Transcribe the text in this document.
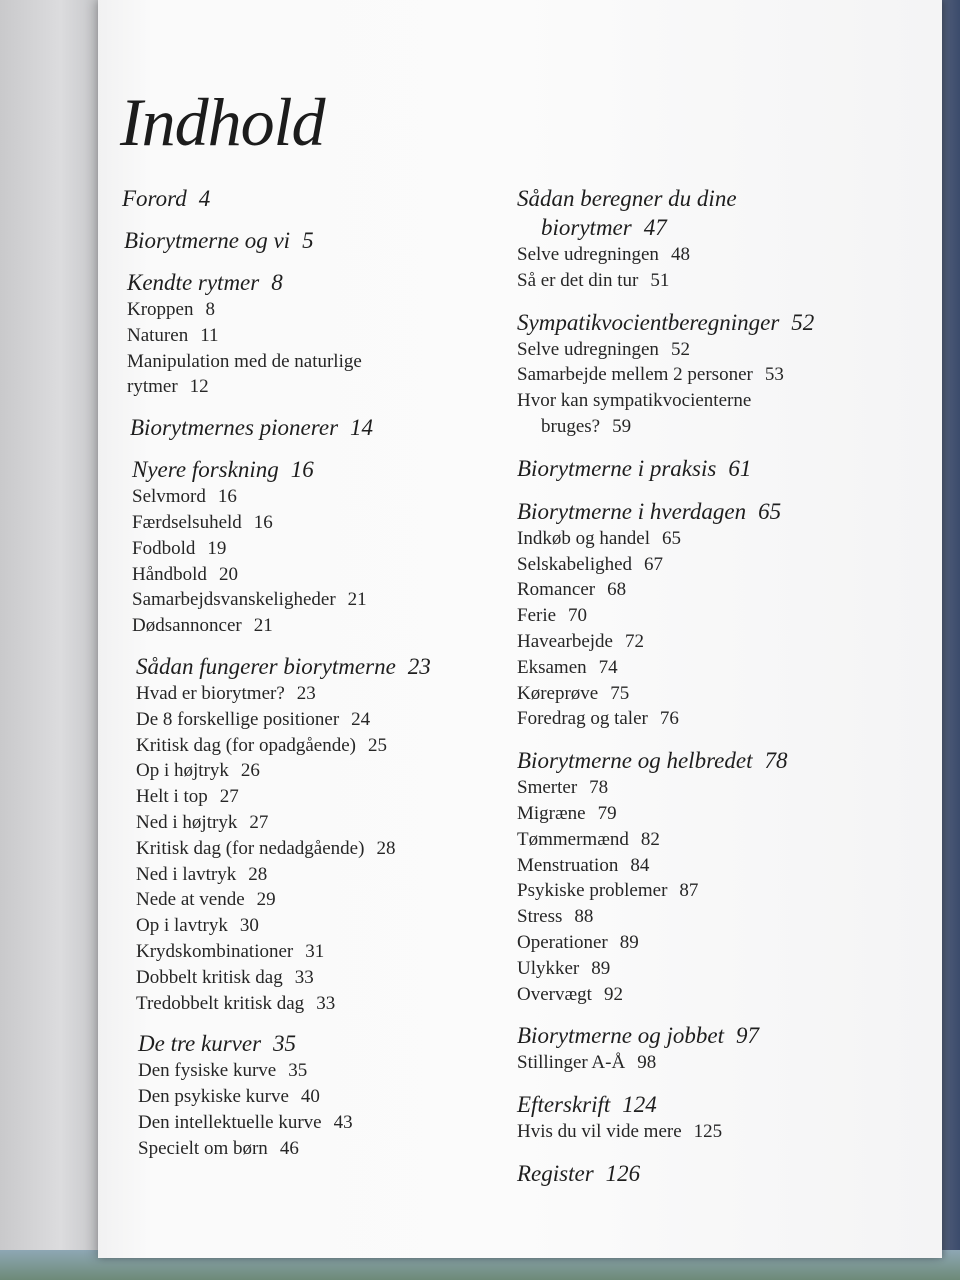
Indhold
Forord 4
Biorytmerne og vi 5
Kendte rytmer 8
Kroppen 8
Naturen 11
Manipulation med de naturlige
rytmer 12
Biorytmernes pionerer 14
Nyere forskning 16
Selvmord 16
Færdselsuheld 16
Fodbold 19
Håndbold 20
Samarbejdsvanskeligheder 21
Dødsannoncer 21
Sådan fungerer biorytmerne 23
Hvad er biorytmer? 23
De 8 forskellige positioner 24
Kritisk dag (for opadgående) 25
Op i højtryk 26
Helt i top 27
Ned i højtryk 27
Kritisk dag (for nedadgående) 28
Ned i lavtryk 28
Nede at vende 29
Op i lavtryk 30
Krydskombinationer 31
Dobbelt kritisk dag 33
Tredobbelt kritisk dag 33
De tre kurver 35
Den fysiske kurve 35
Den psykiske kurve 40
Den intellektuelle kurve 43
Specielt om børn 46
Sådan beregner du dine
biorytmer 47
Selve udregningen 48
Så er det din tur 51
Sympatikvocientberegninger 52
Selve udregningen 52
Samarbejde mellem 2 personer 53
Hvor kan sympatikvocienterne
bruges? 59
Biorytmerne i praksis 61
Biorytmerne i hverdagen 65
Indkøb og handel 65
Selskabelighed 67
Romancer 68
Ferie 70
Havearbejde 72
Eksamen 74
Køreprøve 75
Foredrag og taler 76
Biorytmerne og helbredet 78
Smerter 78
Migræne 79
Tømmermænd 82
Menstruation 84
Psykiske problemer 87
Stress 88
Operationer 89
Ulykker 89
Overvægt 92
Biorytmerne og jobbet 97
Stillinger A-Å 98
Efterskrift 124
Hvis du vil vide mere 125
Register 126
